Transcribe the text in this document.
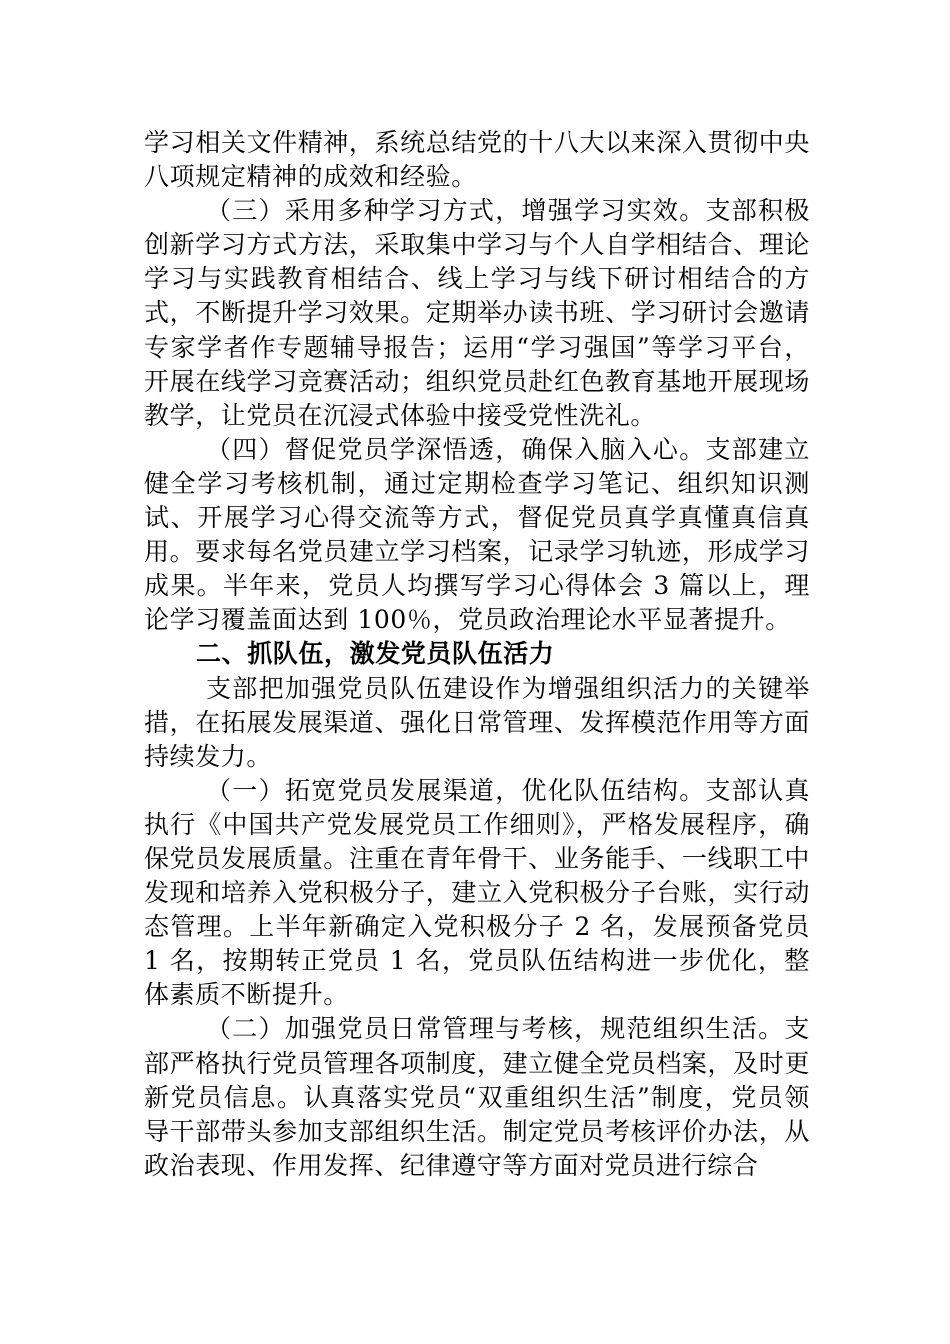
学习相关文件精神，系统总结党的十八大以来深入贯彻中央八项规定精神的成效和经验。

（三）采用多种学习方式，增强学习实效。支部积极创新学习方式方法，采取集中学习与个人自学相结合、理论学习与实践教育相结合、线上学习与线下研讨相结合的方式，不断提升学习效果。定期举办读书班、学习研讨会邀请专家学者作专题辅导报告；运用“学习强国”等学习平台，开展在线学习竞赛活动；组织党员赴红色教育基地开展现场教学，让党员在沉浸式体验中接受党性洗礼。

（四）督促党员学深悟透，确保入脑入心。支部建立健全学习考核机制，通过定期检查学习笔记、组织知识测试、开展学习心得交流等方式，督促党员真学真懂真信真用。要求每名党员建立学习档案，记录学习轨迹，形成学习成果。半年来，党员人均撰写学习心得体会 3 篇以上，理论学习覆盖面达到 100％，党员政治理论水平显著提升。

二、抓队伍，激发党员队伍活力

支部把加强党员队伍建设作为增强组织活力的关键举措，在拓展发展渠道、强化日常管理、发挥模范作用等方面持续发力。

（一）拓宽党员发展渠道，优化队伍结构。支部认真执行《中国共产党发展党员工作细则》，严格发展程序，确保党员发展质量。注重在青年骨干、业务能手、一线职工中发现和培养入党积极分子，建立入党积极分子台账，实行动态管理。上半年新确定入党积极分子 2 名，发展预备党员 1 名，按期转正党员 1 名，党员队伍结构进一步优化，整体素质不断提升。

（二）加强党员日常管理与考核，规范组织生活。支部严格执行党员管理各项制度，建立健全党员档案，及时更新党员信息。认真落实党员“双重组织生活”制度，党员领导干部带头参加支部组织生活。制定党员考核评价办法，从政治表现、作用发挥、纪律遵守等方面对党员进行综合
